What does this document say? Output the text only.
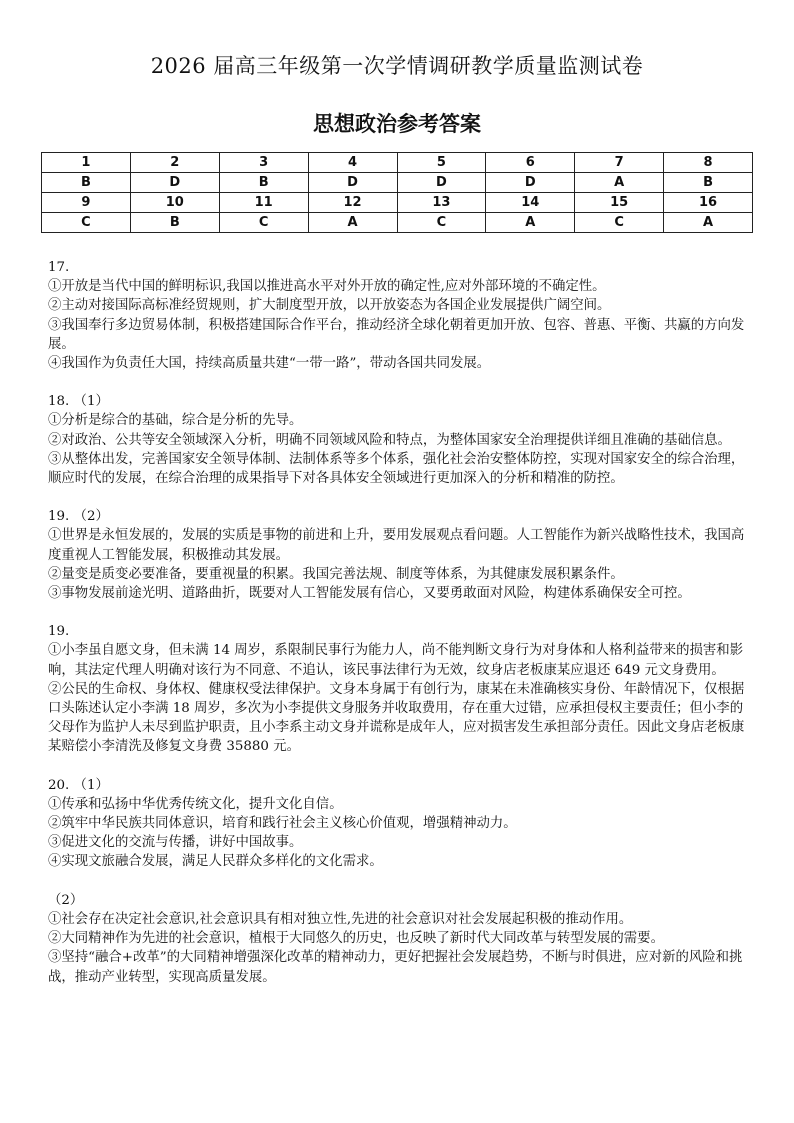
2026 届高三年级第一次学情调研教学质量监测试卷
思想政治参考答案
1	2	3	4	5	6	7	8
B	D	B	D	D	D	A	B
9	10	11	12	13	14	15	16
C	B	C	A	C	A	C	A

17.

①开放是当代中国的鲜明标识,我国以推进高水平对外开放的确定性,应对外部环境的不确定性。

②主动对接国际高标准经贸规则，扩大制度型开放，以开放姿态为各国企业发展提供广阔空间。

③我国奉行多边贸易体制，积极搭建国际合作平台，推动经济全球化朝着更加开放、包容、普惠、平衡、共赢的方向发展。

④我国作为负责任大国，持续高质量共建“一带一路”，带动各国共同发展。

18. （1）

①分析是综合的基础，综合是分析的先导。

②对政治、公共等安全领域深入分析，明确不同领域风险和特点，为整体国家安全治理提供详细且准确的基础信息。

③从整体出发，完善国家安全领导体制、法制体系等多个体系，强化社会治安整体防控，实现对国家安全的综合治理，顺应时代的发展，在综合治理的成果指导下对各具体安全领域进行更加深入的分析和精准的防控。

19. （2）

①世界是永恒发展的，发展的实质是事物的前进和上升，要用发展观点看问题。人工智能作为新兴战略性技术，我国高度重视人工智能发展，积极推动其发展。

②量变是质变必要准备，要重视量的积累。我国完善法规、制度等体系，为其健康发展积累条件。

③事物发展前途光明、道路曲折，既要对人工智能发展有信心，又要勇敢面对风险，构建体系确保安全可控。

19.

①小李虽自愿文身，但未满 14 周岁，系限制民事行为能力人，尚不能判断文身行为对身体和人格利益带来的损害和影响，其法定代理人明确对该行为不同意、不追认，该民事法律行为无效，纹身店老板康某应退还 649 元文身费用。

②公民的生命权、身体权、健康权受法律保护。文身本身属于有创行为，康某在未准确核实身份、年龄情况下，仅根据口头陈述认定小李满 18 周岁，多次为小李提供文身服务并收取费用，存在重大过错，应承担侵权主要责任；但小李的父母作为监护人未尽到监护职责，且小李系主动文身并谎称是成年人，应对损害发生承担部分责任。因此文身店老板康某赔偿小李清洗及修复文身费 35880 元。

20. （1）

①传承和弘扬中华优秀传统文化，提升文化自信。

②筑牢中华民族共同体意识，培育和践行社会主义核心价值观，增强精神动力。

③促进文化的交流与传播，讲好中国故事。

④实现文旅融合发展，满足人民群众多样化的文化需求。

（2）

①社会存在决定社会意识,社会意识具有相对独立性,先进的社会意识对社会发展起积极的推动作用。

②大同精神作为先进的社会意识，植根于大同悠久的历史，也反映了新时代大同改革与转型发展的需要。

③坚持“融合+改革”的大同精神增强深化改革的精神动力，更好把握社会发展趋势，不断与时俱进，应对新的风险和挑战，推动产业转型，实现高质量发展。
